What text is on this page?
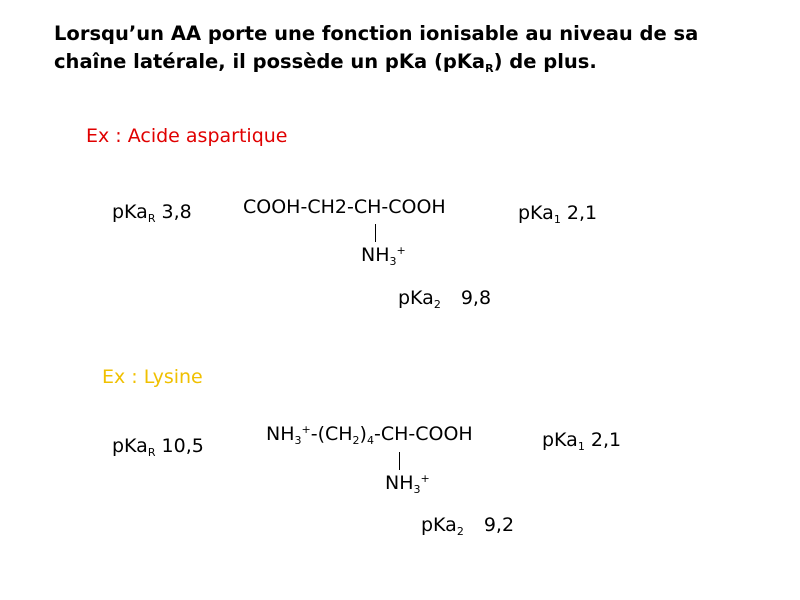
Lorsqu’un AA porte une fonction ionisable au niveau de sa chaîne latérale, il possède un pKa (pKa$_R$) de plus.
Ex : Acide aspartique
pKa$_R$ 3,8	COOH-CH2-CH-COOH
$NH_3^+$
pKa$_1$ 2,1
pKa$_2$ 9,8
Ex : Lysine
pKa$_R$ 10,5
$NH_3^+-(CH_2)_4-CH$-COOH
$NH_3^+$
pKa$_1$ 2,1
pKa$_2$ 9,2
